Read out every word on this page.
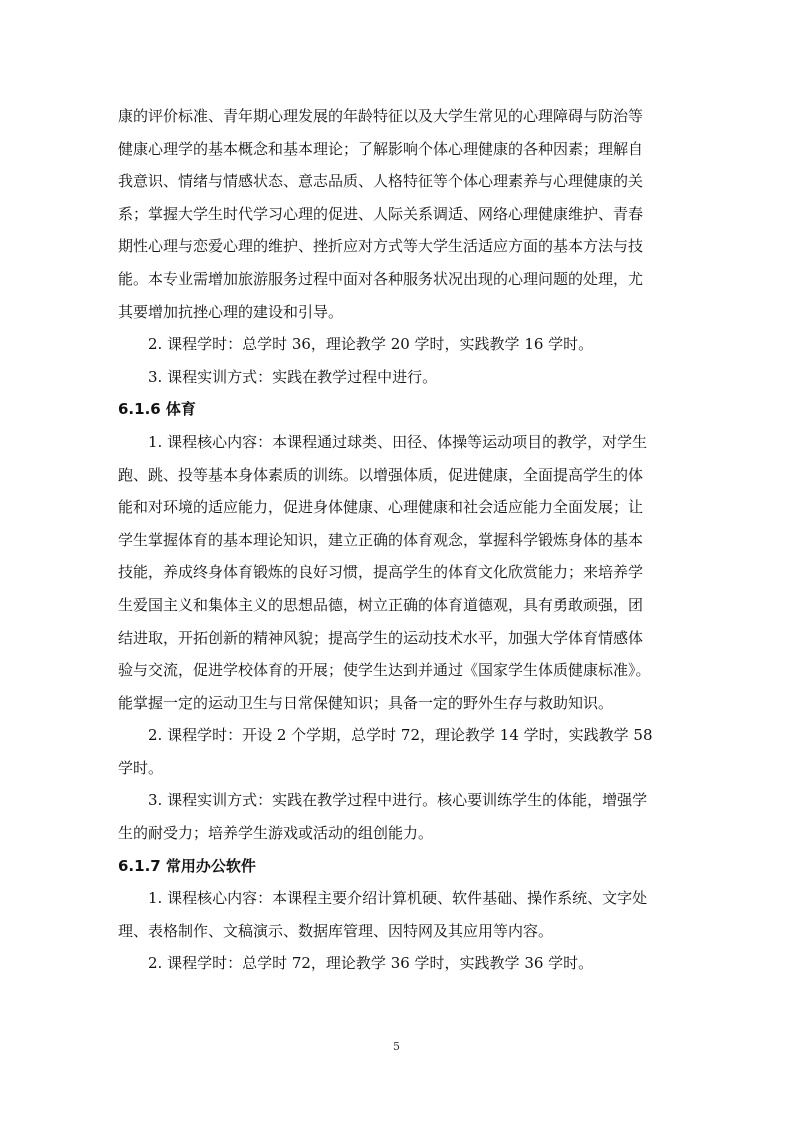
康的评价标准、青年期心理发展的年龄特征以及大学生常见的心理障碍与防治等

健康心理学的基本概念和基本理论；了解影响个体心理健康的各种因素；理解自

我意识、情绪与情感状态、意志品质、人格特征等个体心理素养与心理健康的关

系；掌握大学生时代学习心理的促进、人际关系调适、网络心理健康维护、青春

期性心理与恋爱心理的维护、挫折应对方式等大学生活适应方面的基本方法与技

能。本专业需增加旅游服务过程中面对各种服务状况出现的心理问题的处理，尤

其要增加抗挫心理的建设和引导。

2. 课程学时：总学时 36，理论教学 20 学时，实践教学 16 学时。

3. 课程实训方式：实践在教学过程中进行。

6.1.6 体育

1. 课程核心内容：本课程通过球类、田径、体操等运动项目的教学，对学生

跑、跳、投等基本身体素质的训练。以增强体质，促进健康，全面提高学生的体

能和对环境的适应能力，促进身体健康、心理健康和社会适应能力全面发展；让

学生掌握体育的基本理论知识，建立正确的体育观念，掌握科学锻炼身体的基本

技能，养成终身体育锻炼的良好习惯，提高学生的体育文化欣赏能力；来培养学

生爱国主义和集体主义的思想品德，树立正确的体育道德观，具有勇敢顽强，团

结进取，开拓创新的精神风貌；提高学生的运动技术水平，加强大学体育情感体

验与交流，促进学校体育的开展；使学生达到并通过《国家学生体质健康标准》。

能掌握一定的运动卫生与日常保健知识；具备一定的野外生存与救助知识。

2. 课程学时：开设 2 个学期，总学时 72，理论教学 14 学时，实践教学 58

学时。

3. 课程实训方式：实践在教学过程中进行。核心要训练学生的体能，增强学

生的耐受力；培养学生游戏或活动的组创能力。

6.1.7 常用办公软件

1. 课程核心内容：本课程主要介绍计算机硬、软件基础、操作系统、文字处

理、表格制作、文稿演示、数据库管理、因特网及其应用等内容。

2. 课程学时：总学时 72，理论教学 36 学时，实践教学 36 学时。

5
